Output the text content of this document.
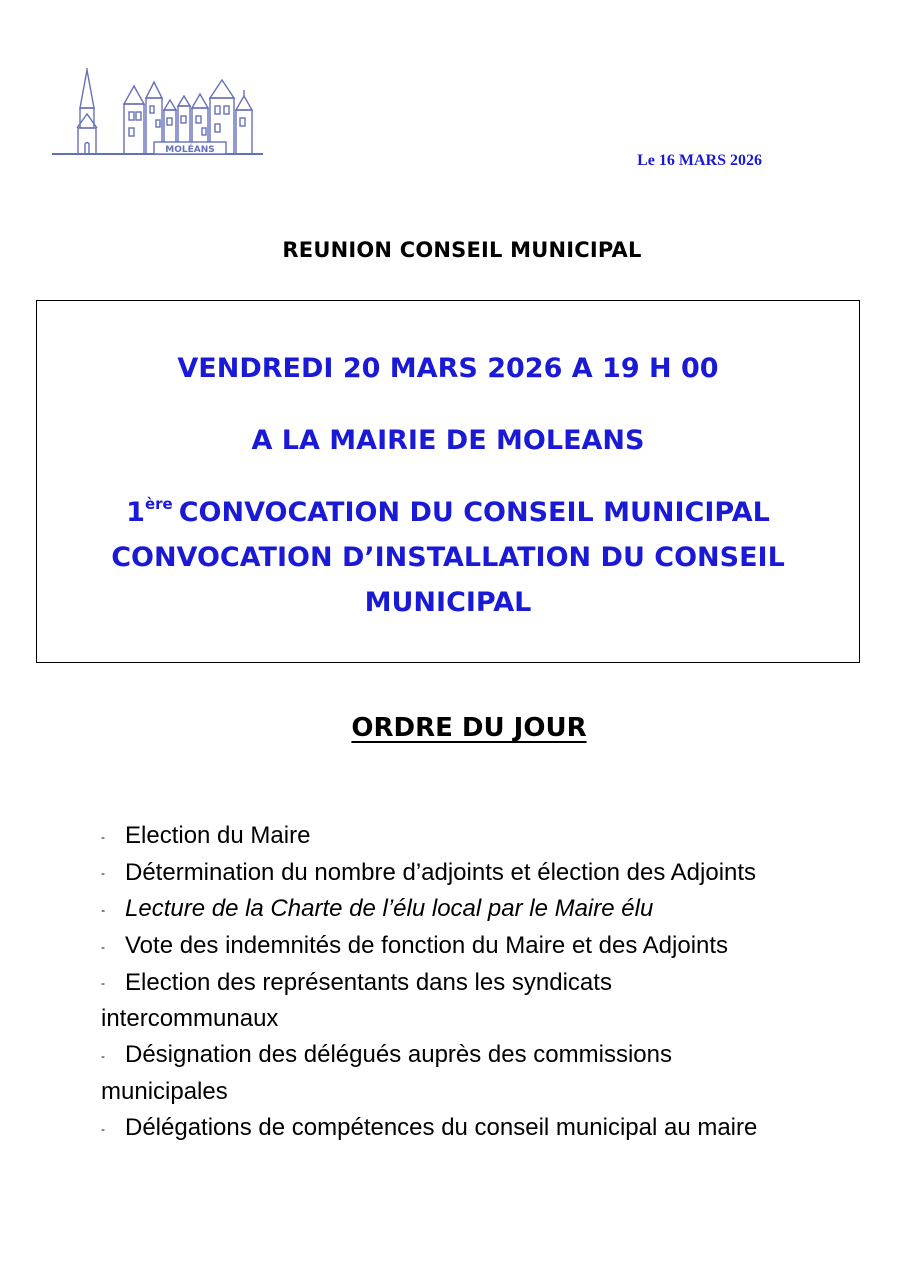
MOLÉANS
Le 16 MARS 2026
REUNION CONSEIL MUNICIPAL
VENDREDI 20 MARS 2026 A 19 H 00
A LA MAIRIE DE MOLEANS
1ère CONVOCATION DU CONSEIL MUNICIPAL
CONVOCATION D’INSTALLATION DU CONSEIL
MUNICIPAL
ORDRE DU JOUR
- Election du Maire
- Détermination du nombre d’adjoints et élection des Adjoints
- Lecture de la Charte de l’élu local par le Maire élu
- Vote des indemnités de fonction du Maire et des Adjoints
- Election des représentants dans les syndicats
intercommunaux
- Désignation des délégués auprès des commissions
municipales
- Délégations de compétences du conseil municipal au maire
